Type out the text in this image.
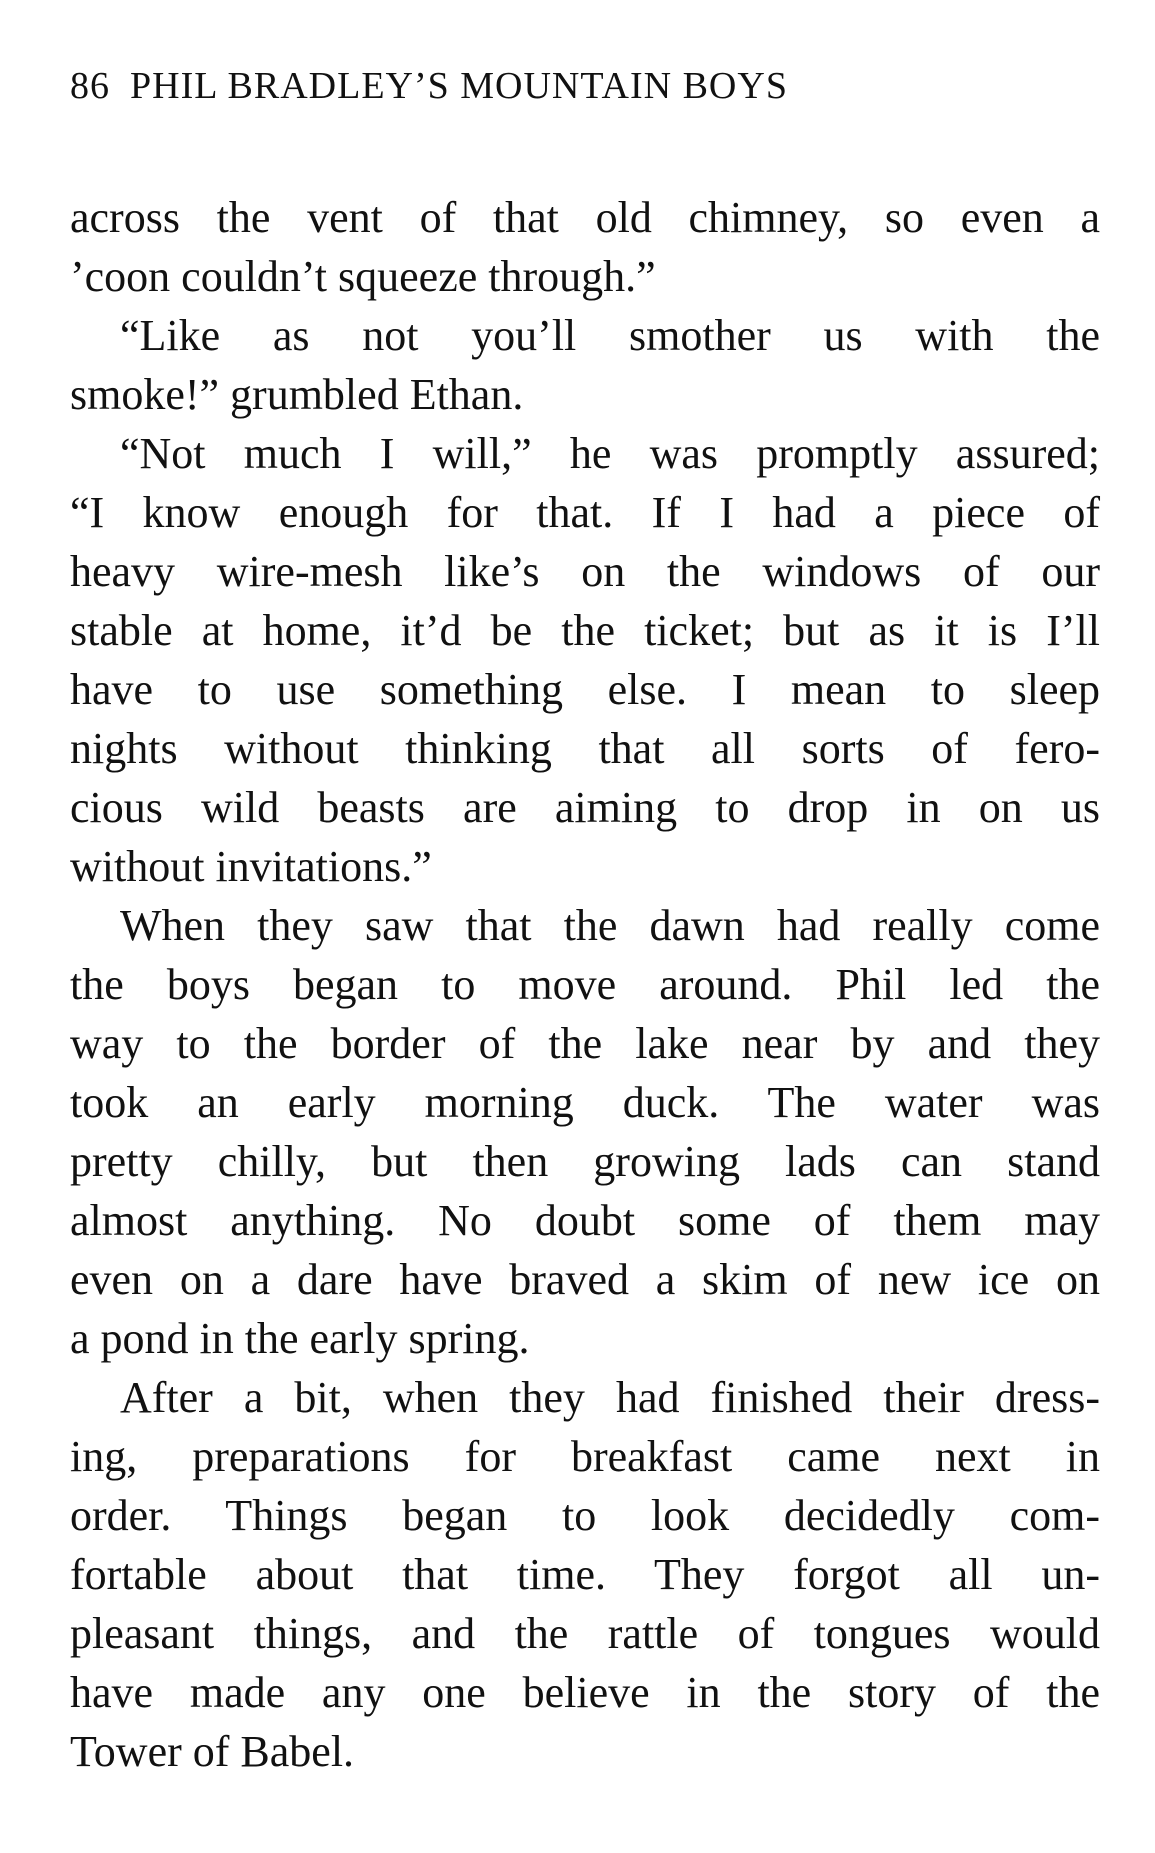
86 PHIL BRADLEY’S MOUNTAIN BOYS
across the vent of that old chimney, so even a
’coon couldn’t squeeze through.”
“Like as not you’ll smother us with the
smoke!” grumbled Ethan.
“Not much I will,” he was promptly assured;
“I know enough for that. If I had a piece of
heavy wire-mesh like’s on the windows of our
stable at home, it’d be the ticket; but as it is I’ll
have to use something else. I mean to sleep
nights without thinking that all sorts of fero-
cious wild beasts are aiming to drop in on us
without invitations.”
When they saw that the dawn had really come
the boys began to move around. Phil led the
way to the border of the lake near by and they
took an early morning duck. The water was
pretty chilly, but then growing lads can stand
almost anything. No doubt some of them may
even on a dare have braved a skim of new ice on
a pond in the early spring.
After a bit, when they had finished their dress-
ing, preparations for breakfast came next in
order. Things began to look decidedly com-
fortable about that time. They forgot all un-
pleasant things, and the rattle of tongues would
have made any one believe in the story of the
Tower of Babel.
